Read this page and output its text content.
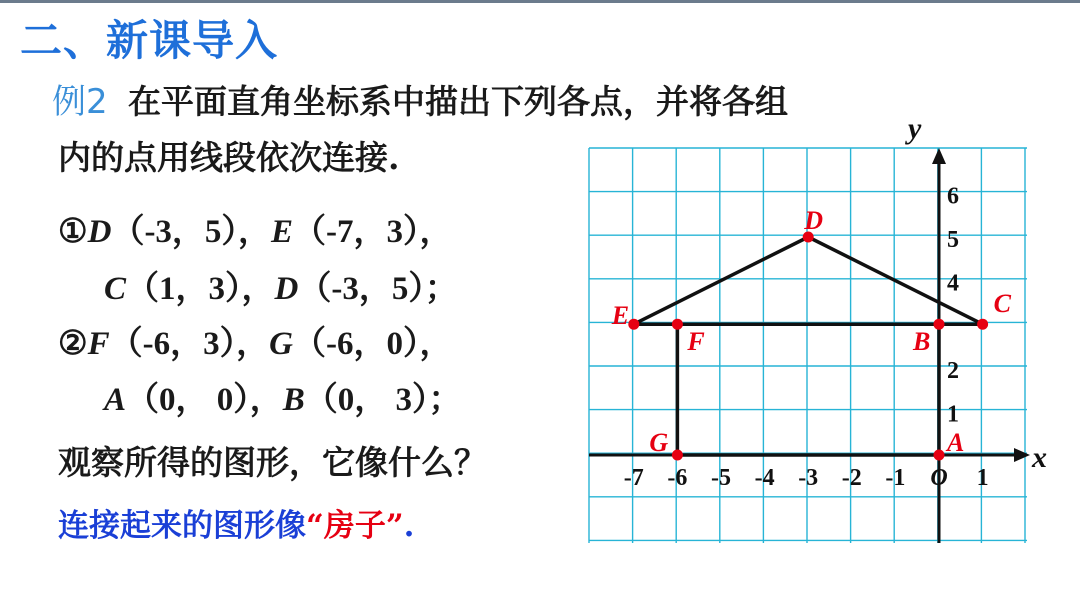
二、新课导入
例2 在平面直角坐标系中描出下列各点，并将各组
内的点用线段依次连接.
①D（-3，5），E（-7，3），
C（1，3），D（-3，5）；
②F（-6，3），G（-6，0），
A（0， 0），B（0， 3）；
观察所得的图形，它像什么？
连接起来的图形像“房子”.
x
y
-7 -6 -5 -4 -3 -2 -1 O 1
1
2
4
5
6
D
E	C
F
G	A
B
